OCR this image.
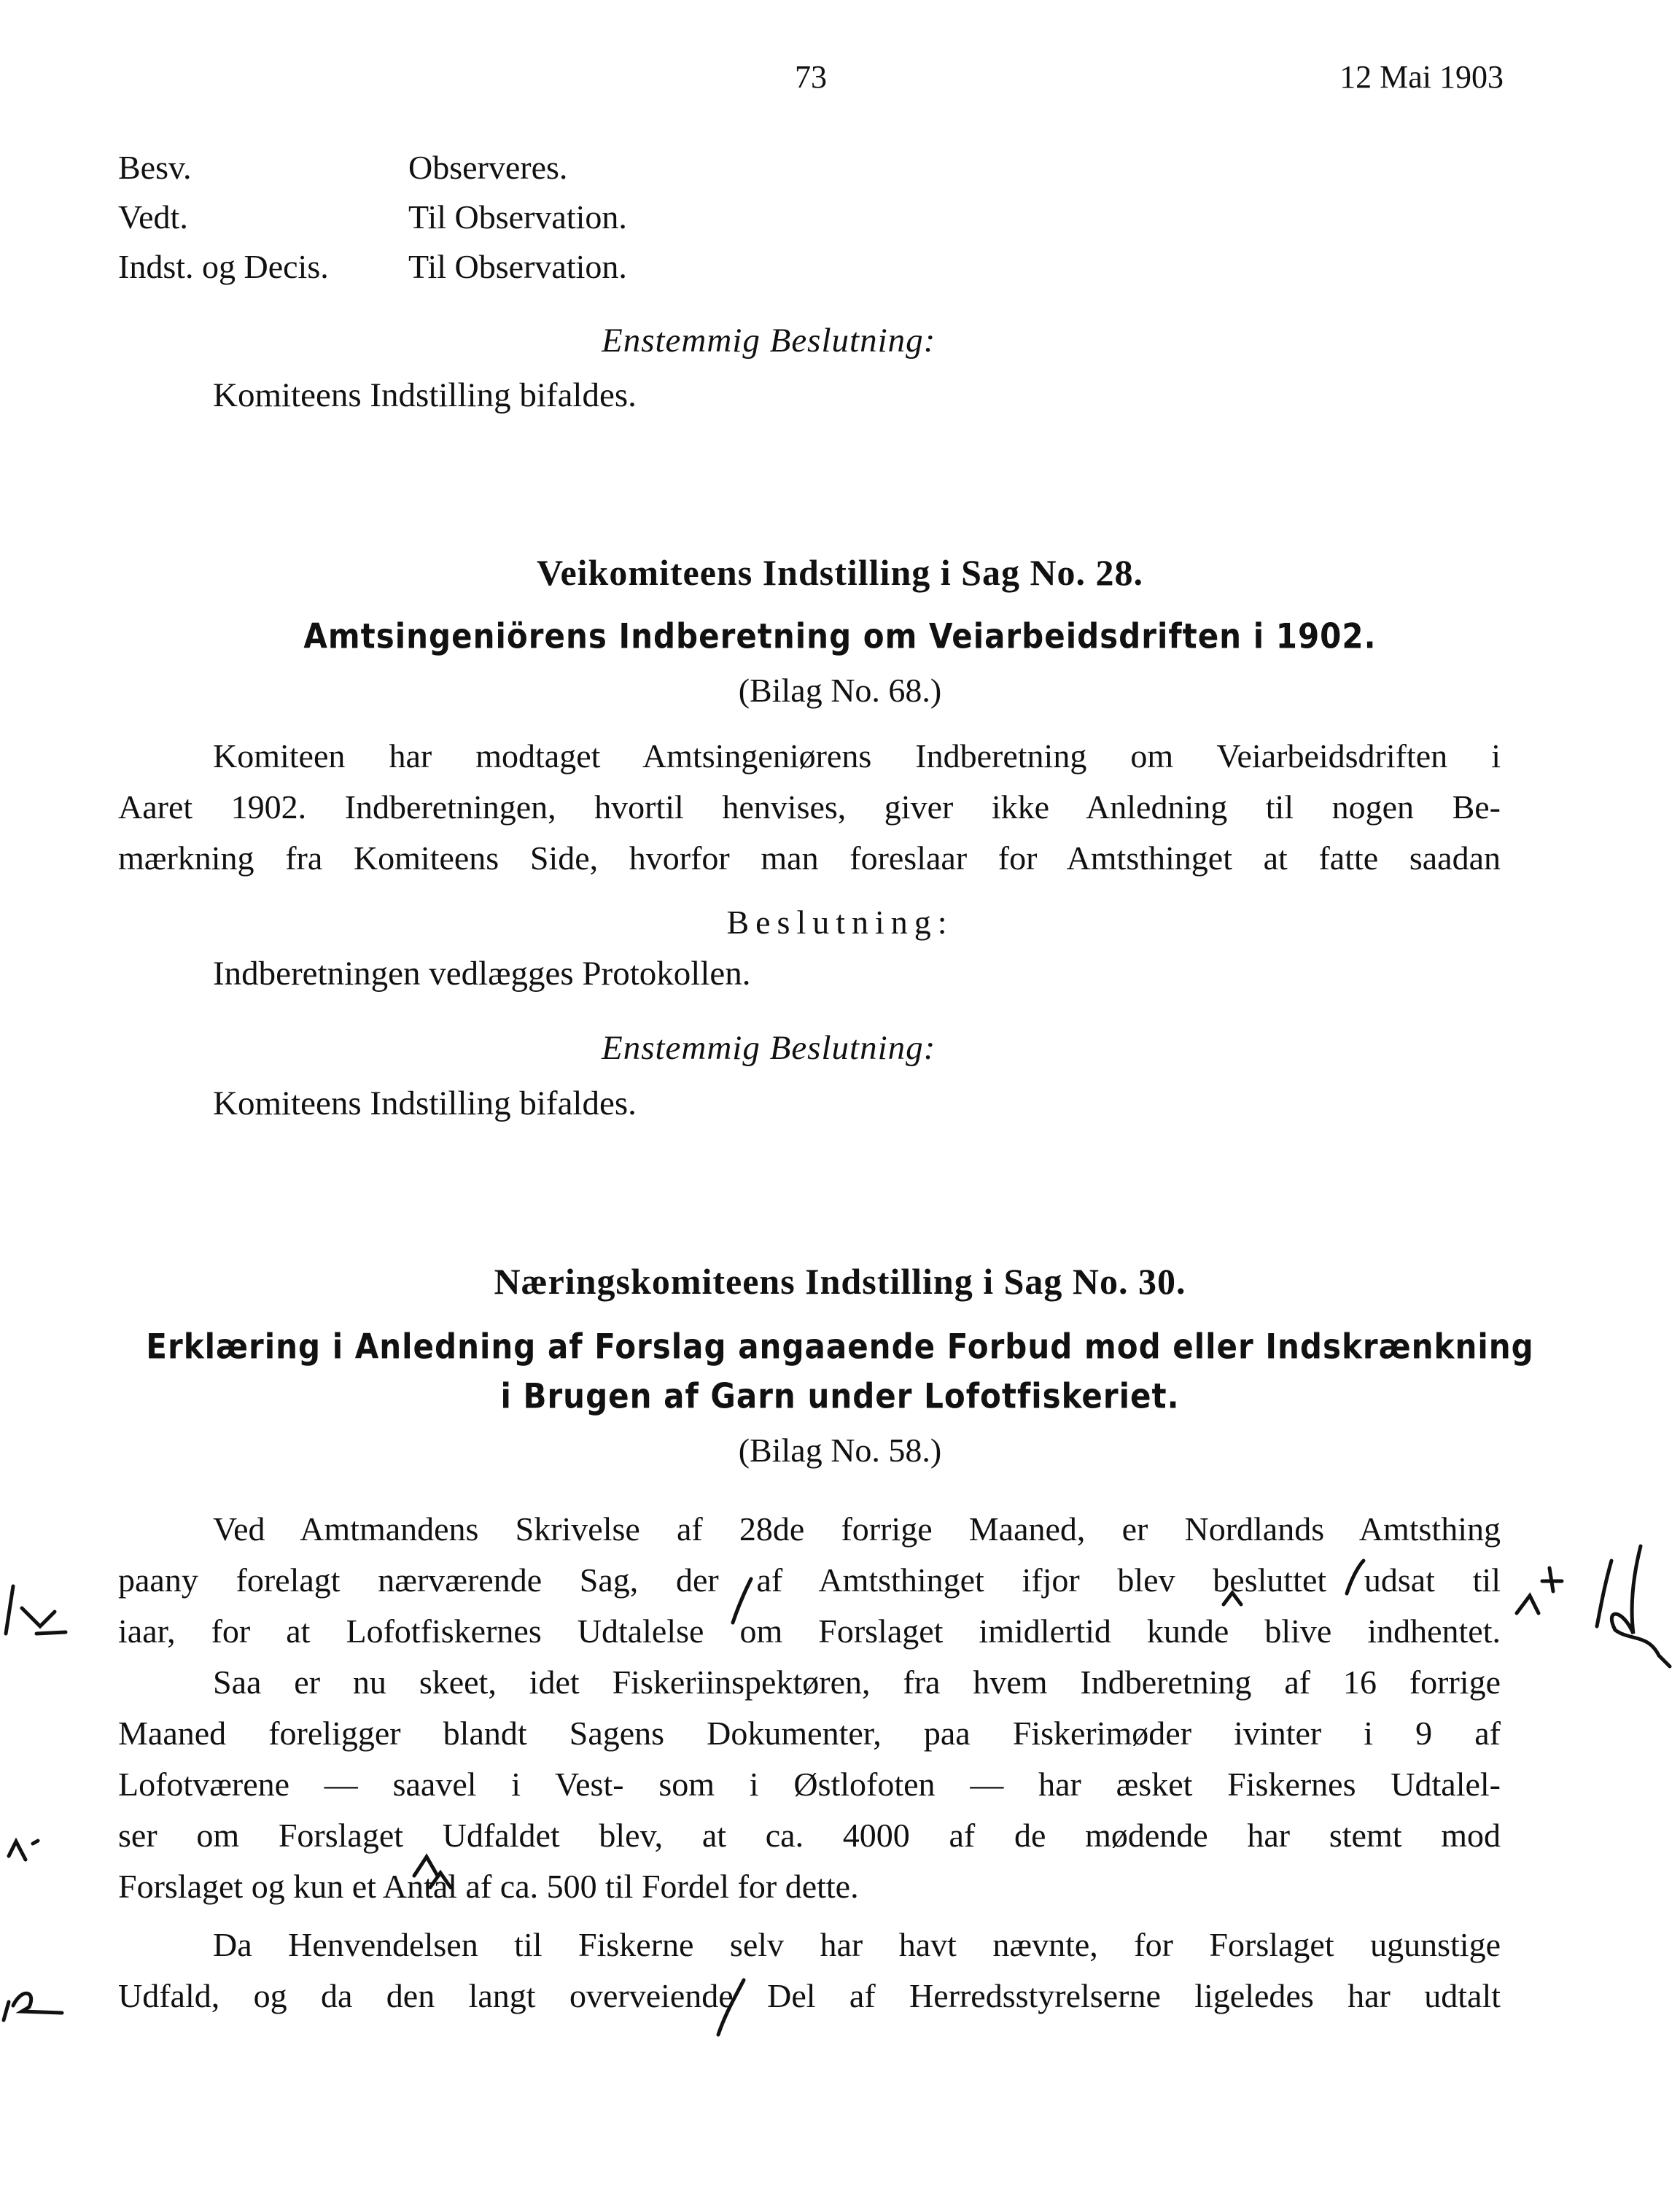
73	12 Mai 1903
Besv.	Observeres.
Vedt.	Til Observation.
Indst. og Decis.	Til Observation.
Enstemmig Beslutning:
Komiteens Indstilling bifaldes.
Veikomiteens Indstilling i Sag No. 28.
Amtsingeniörens Indberetning om Veiarbeidsdriften i 1902.
(Bilag No. 68.)
Komiteen har modtaget Amtsingeniørens Indberetning om Veiarbeidsdriften i
Aaret 1902. Indberetningen, hvortil henvises, giver ikke Anledning til nogen Be-
mærkning fra Komiteens Side, hvorfor man foreslaar for Amtsthinget at fatte saadan
Beslutning:
Indberetningen vedlægges Protokollen.
Enstemmig Beslutning:
Komiteens Indstilling bifaldes.
Næringskomiteens Indstilling i Sag No. 30.
Erklæring i Anledning af Forslag angaaende Forbud mod eller Indskrænkning
i Brugen af Garn under Lofotfiskeriet.
(Bilag No. 58.)
Ved Amtmandens Skrivelse af 28de forrige Maaned, er Nordlands Amtsthing
paany forelagt nærværende Sag, der af Amtsthinget ifjor blev besluttet udsat til
iaar, for at Lofotfiskernes Udtalelse om Forslaget imidlertid kunde blive indhentet.
Saa er nu skeet, idet Fiskeriinspektøren, fra hvem Indberetning af 16 forrige
Maaned foreligger blandt Sagens Dokumenter, paa Fiskerimøder ivinter i 9 af
Lofotværene — saavel i Vest- som i Østlofoten — har æsket Fiskernes Udtalel-
ser om Forslaget Udfaldet blev, at ca. 4000 af de mødende har stemt mod
Forslaget og kun et Antal af ca. 500 til Fordel for dette.
Da Henvendelsen til Fiskerne selv har havt nævnte, for Forslaget ugunstige
Udfald, og da den langt overveiende Del af Herredsstyrelserne ligeledes har udtalt
